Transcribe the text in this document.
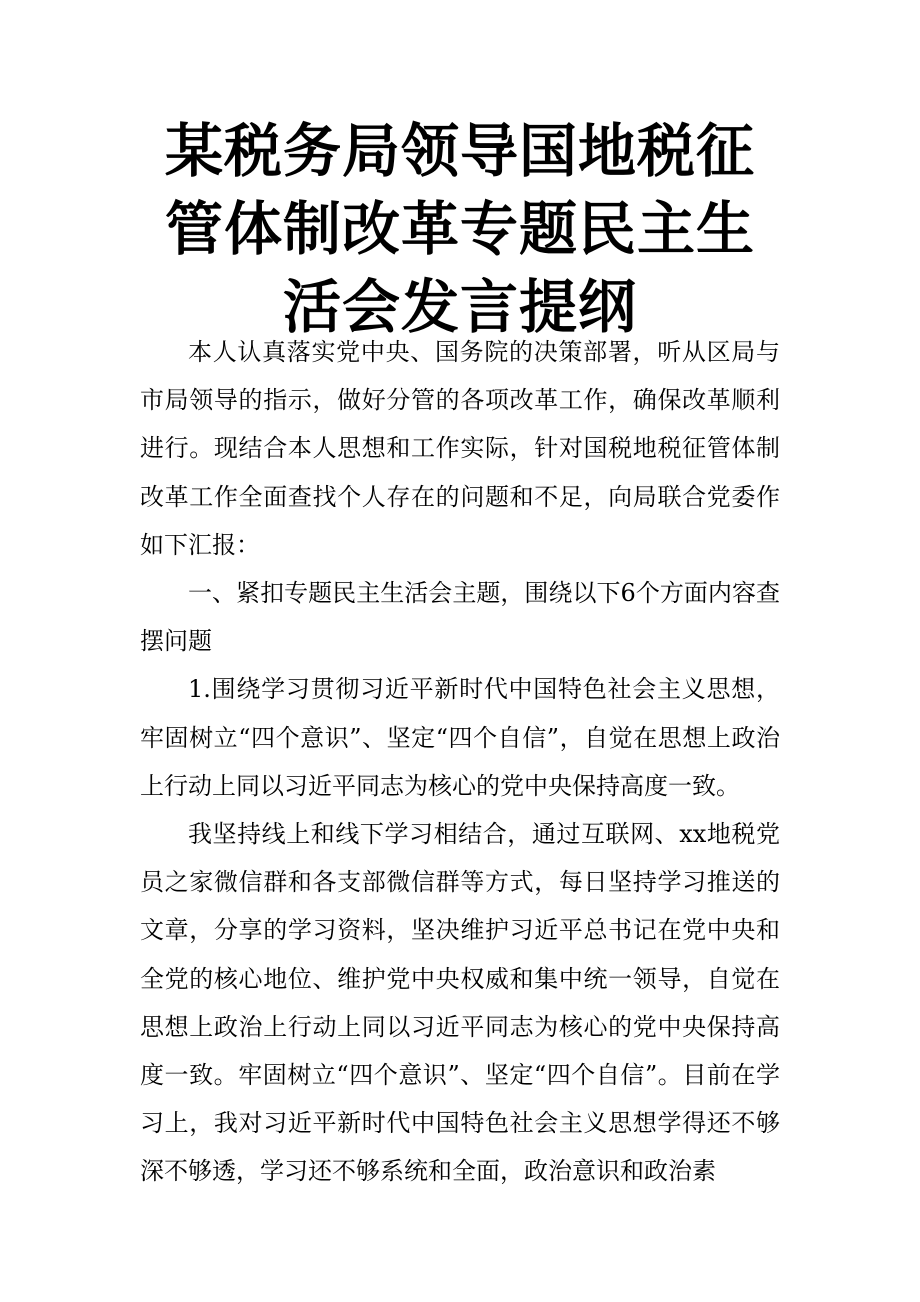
某税务局领导国地税征管体制改革专题民主生活会发言提纲

本人认真落实党中央、国务院的决策部署，听从区局与市局领导的指示，做好分管的各项改革工作，确保改革顺利进行。现结合本人思想和工作实际，针对国税地税征管体制改革工作全面查找个人存在的问题和不足，向局联合党委作如下汇报：

一、紧扣专题民主生活会主题，围绕以下6个方面内容查摆问题

1.围绕学习贯彻习近平新时代中国特色社会主义思想，牢固树立“四个意识”、坚定“四个自信”，自觉在思想上政治上行动上同以习近平同志为核心的党中央保持高度一致。

我坚持线上和线下学习相结合，通过互联网、xx地税党员之家微信群和各支部微信群等方式，每日坚持学习推送的文章，分享的学习资料，坚决维护习近平总书记在党中央和全党的核心地位、维护党中央权威和集中统一领导，自觉在思想上政治上行动上同以习近平同志为核心的党中央保持高度一致。牢固树立“四个意识”、坚定“四个自信”。目前在学习上，我对习近平新时代中国特色社会主义思想学得还不够深不够透，学习还不够系统和全面，政治意识和政治素
